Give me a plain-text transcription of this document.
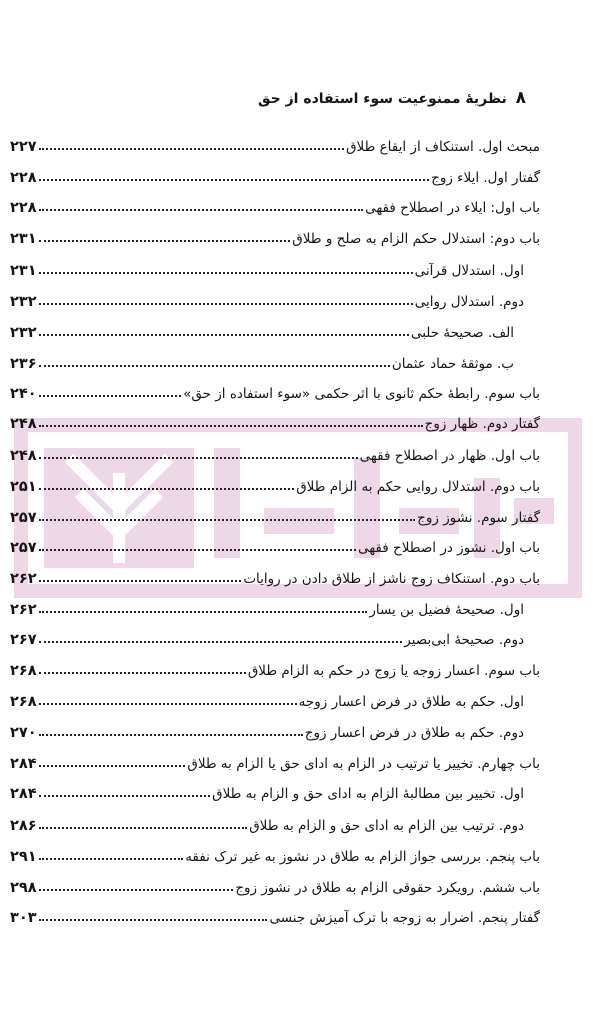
۸ نظریهٔ ممنوعیت سوء استفاده از حق
مبحث اول. استنکاف از ایقاع طلاق
۲۲۷
گفتار اول. ایلاء زوج
۲۲۸
باب اول: ایلاء در اصطلاح فقهی
۲۲۸
باب دوم: استدلال حکم الزام به صلح و طلاق
۲۳۱
اول. استدلال قرآنی
۲۳۱
دوم. استدلال روایی
۲۳۲
الف. صحیحهٔ حلبی
۲۳۲
ب. موثقهٔ حماد عثمان
۲۳۶
باب سوم. رابطهٔ حکم ثانوی با اثر حکمی «سوء استفاده از حق»
۲۴۰
گفتار دوم. ظهار زوج
۲۴۸
باب اول. ظهار در اصطلاح فقهی
۲۴۸
باب دوم. استدلال روایی حکم به الزام طلاق
۲۵۱
گفتار سوم. نشوز زوج
۲۵۷
باب اول. نشوز در اصطلاح فقهی
۲۵۷
باب دوم. استنکاف زوج ناشز از طلاق دادن در روایات
۲۶۲
اول. صحیحهٔ فضیل بن یسار
۲۶۲
دوم. صحیحهٔ ابی‌بصیر
۲۶۷
باب سوم. اعسار زوجه یا زوج در حکم به الزام طلاق
۲۶۸
اول. حکم به طلاق در فرض اعسار زوجه
۲۶۸
دوم. حکم به طلاق در فرض اعسار زوج
۲۷۰
باب چهارم. تخییر یا ترتیب در الزام به ادای حق یا الزام به طلاق
۲۸۴
اول. تخییر بین مطالبهٔ الزام به ادای حق و الزام به طلاق
۲۸۴
دوم. ترتیب بین الزام به ادای حق و الزام به طلاق
۲۸۶
باب پنجم. بررسی جواز الزام به طلاق در نشوز به غیر ترک نفقه
۲۹۱
باب ششم. رویکرد حقوقی الزام به طلاق در نشوز زوج
۲۹۸
گفتار پنجم. اضرار به زوجه با ترک آمیزش جنسی
۳۰۳
